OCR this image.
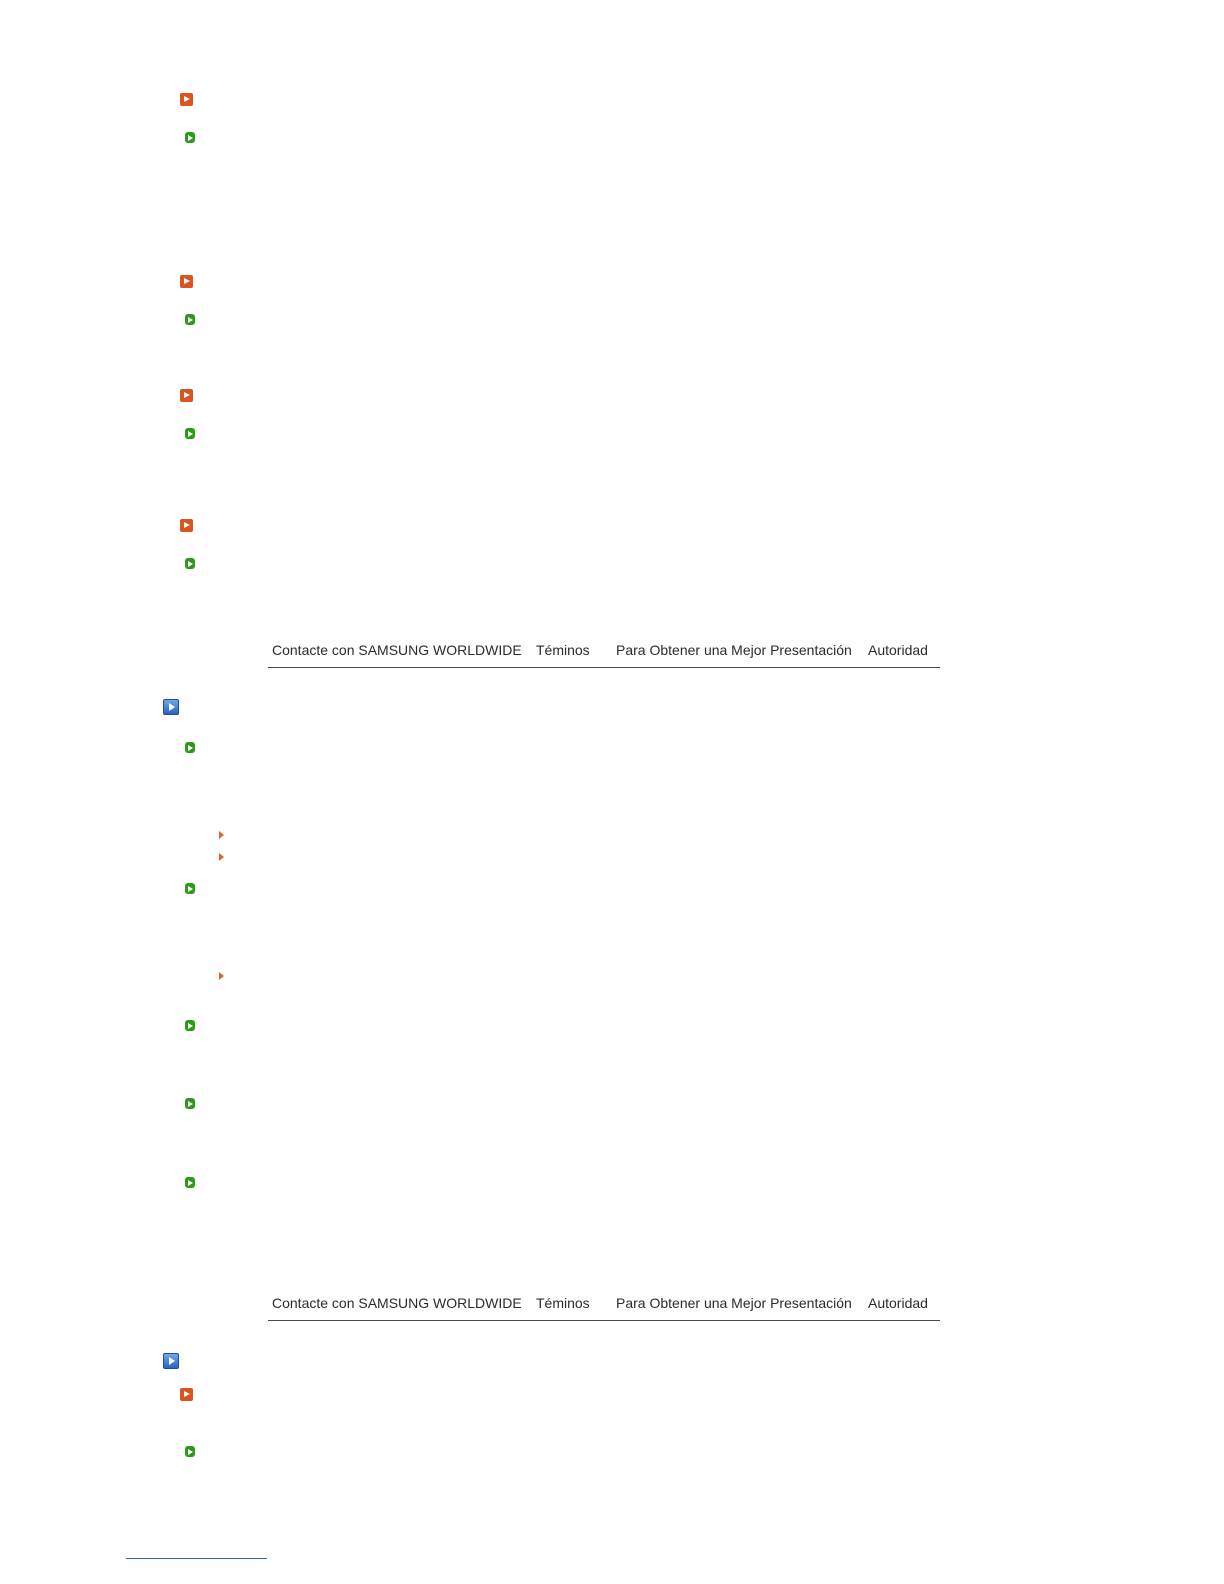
Contacte con SAMSUNG WORLDWIDE Téminos Para Obtener una Mejor Presentación Autoridad
Contacte con SAMSUNG WORLDWIDE Téminos Para Obtener una Mejor Presentación Autoridad
